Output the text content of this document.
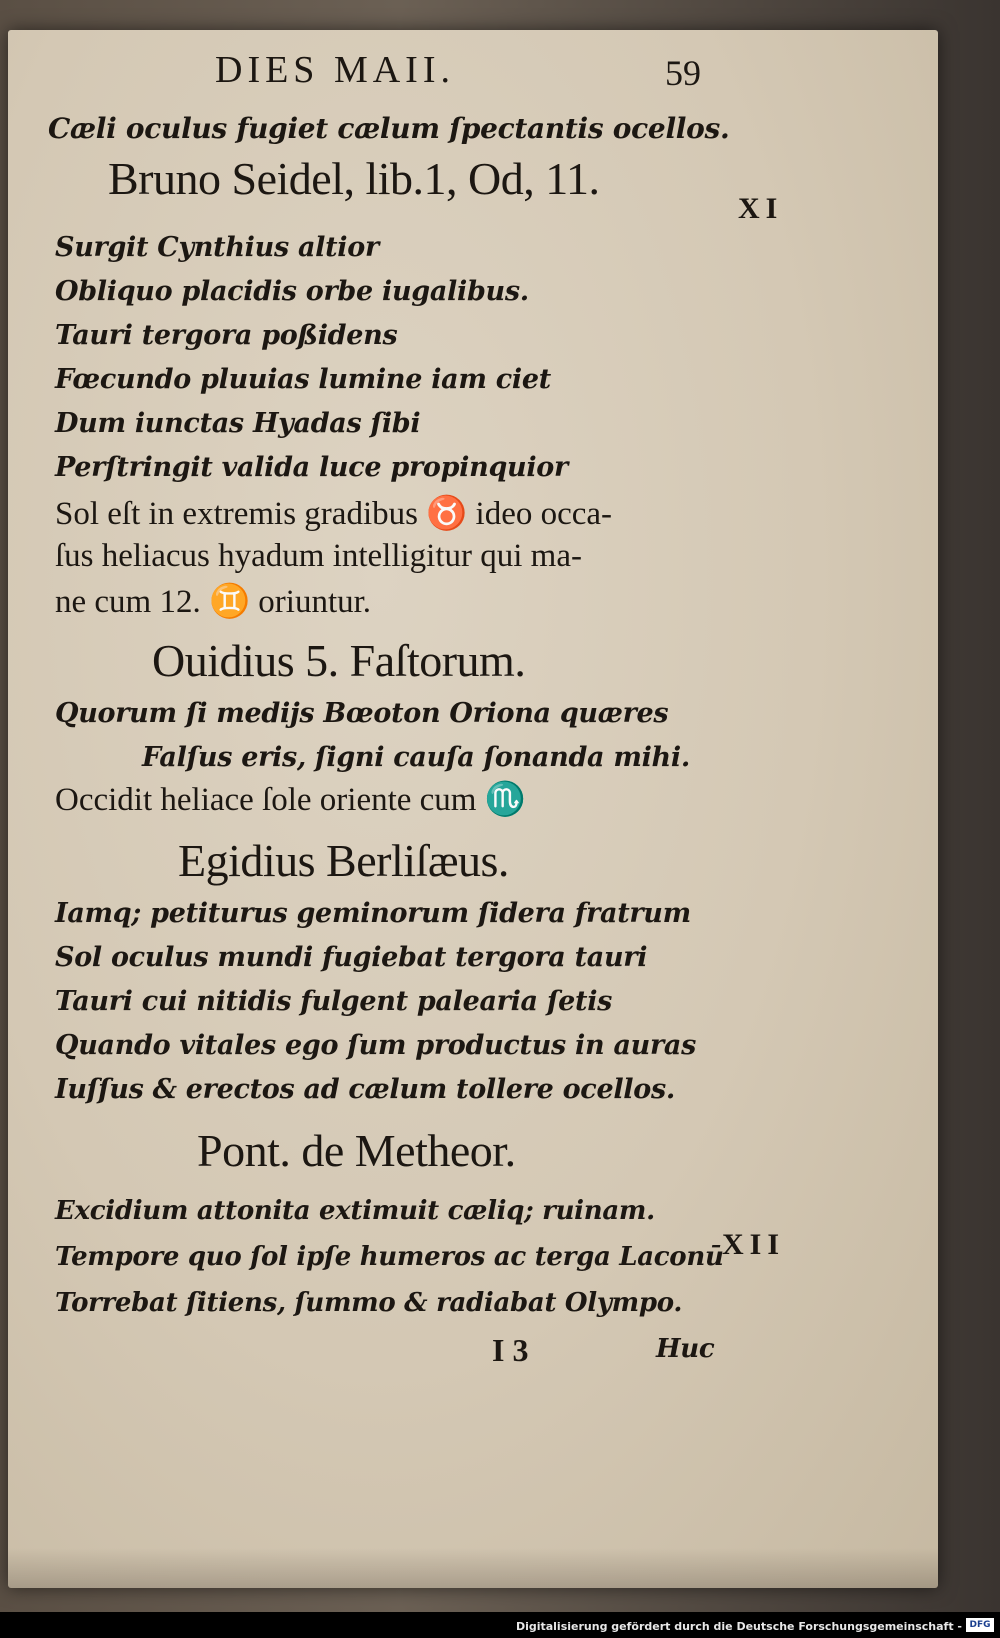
DIES MAII.	59
Cæli oculus fugiet cælum ſpectantis ocellos.
Bruno Seidel, lib.1, Od, 11.
XI
Surgit Cynthius altior
Obliquo placidis orbe iugalibus.
Tauri tergora poßidens
Fœcundo pluuias lumine iam ciet
Dum iunctas Hyadas ſibi
Perſtringit valida luce propinquior
Sol eſt in extremis gradibus ♉ ideo occa-
ſus heliacus hyadum intelligitur qui ma-
ne cum 12. ♊ oriuntur.
Ouidius 5. Faſtorum.
Quorum ſi medijs Bœoton Oriona quæres
Falſus eris, ſigni cauſa ſonanda mihi.
Occidit heliace ſole oriente cum ♏
Egidius Berliſæus.
Iamq; petiturus geminorum ſidera fratrum
Sol oculus mundi fugiebat tergora tauri
Tauri cui nitidis fulgent palearia ſetis
Quando vitales ego ſum productus in auras
Iuſſus & erectos ad cælum tollere ocellos.
Pont. de Metheor.
Excidium attonita extimuit cæliq; ruinam.
Tempore quo ſol ipſe humeros ac terga Laconū
XII
Torrebat ſitiens, ſummo & radiabat Olympo.
I 3	Huc
Digitalisierung gefördert durch die Deutsche Forschungsgemeinschaft - DFG
